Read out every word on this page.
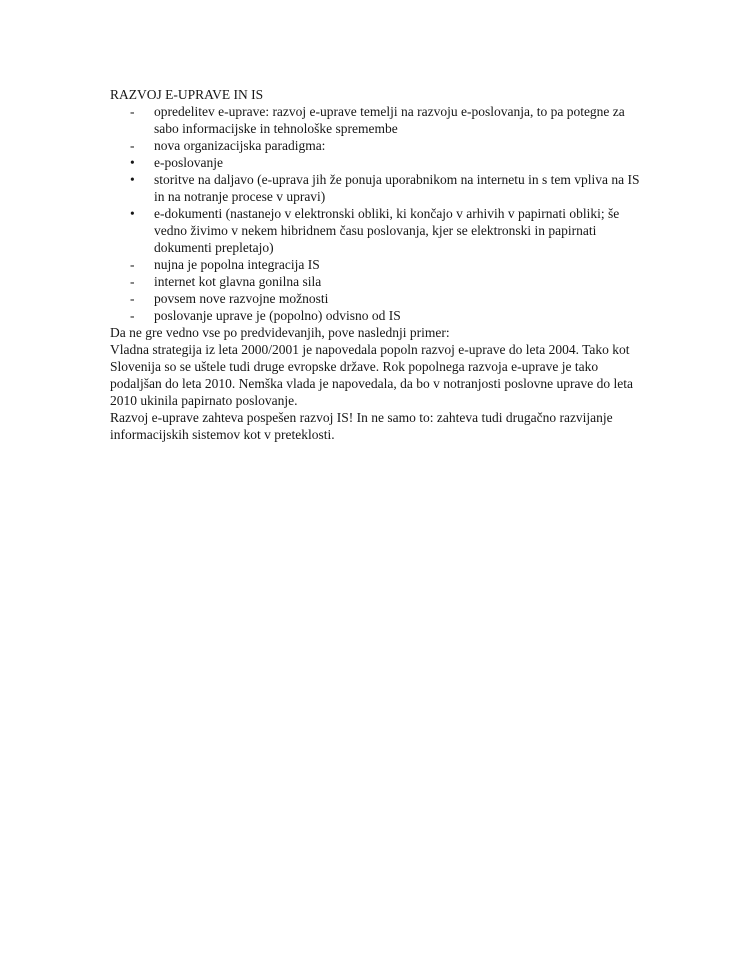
RAZVOJ E-UPRAVE IN IS
-	opredelitev e-uprave: razvoj e-uprave temelji na razvoju e-poslovanja, to pa potegne za sabo informacijske in tehnološke spremembe
-	nova organizacijska paradigma:
•	e-poslovanje
•	storitve na daljavo (e-uprava jih že ponuja uporabnikom na internetu in s tem vpliva na IS in na notranje procese v upravi)
•	e-dokumenti (nastanejo v elektronski obliki, ki končajo v arhivih v papirnati obliki; še vedno živimo v nekem hibridnem času poslovanja, kjer se elektronski in papirnati dokumenti prepletajo)
-	nujna je popolna integracija IS
-	internet kot glavna gonilna sila
-	povsem nove razvojne možnosti
-	poslovanje uprave je (popolno) odvisno od IS
Da ne gre vedno vse po predvidevanjih, pove naslednji primer:
Vladna strategija iz leta 2000/2001 je napovedala popoln razvoj e-uprave do leta 2004. Tako kot Slovenija so se uštele tudi druge evropske države. Rok popolnega razvoja e-uprave je tako podaljšan do leta 2010. Nemška vlada je napovedala, da bo v notranjosti poslovne uprave do leta 2010 ukinila papirnato poslovanje.
Razvoj e-uprave zahteva pospešen razvoj IS! In ne samo to: zahteva tudi drugačno razvijanje informacijskih sistemov kot v preteklosti.
